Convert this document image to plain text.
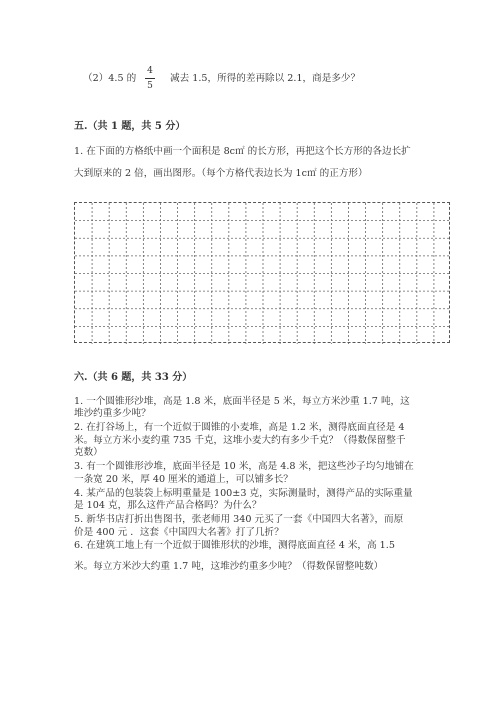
（2）4.5 的
4
5
减去 1.5，所得的差再除以 2.1，商是多少？
五.（共 1 题，共 5 分）
1. 在下面的方格纸中画一个面积是 8c㎡ 的长方形，再把这个长方形的各边长扩
大到原来的 2 倍，画出图形。（每个方格代表边长为 1c㎡ 的正方形）
六.（共 6 题，共 33 分）
1. 一个圆锥形沙堆，高是 1.8 米，底面半径是 5 米，每立方米沙重 1.7 吨，这
堆沙约重多少吨？
2. 在打谷场上，有一个近似于圆锥的小麦堆，高是 1.2 米，测得底面直径是 4
米。每立方米小麦约重 735 千克，这堆小麦大约有多少千克？（得数保留整千
克数）
3. 有一个圆锥形沙堆，底面半径是 10 米，高是 4.8 米，把这些沙子均匀地铺在
一条宽 20 米，厚 40 厘米的通道上，可以铺多长？
4. 某产品的包装袋上标明重量是 100±3 克，实际测量时，测得产品的实际重量
是 104 克，那么这件产品合格吗？为什么？
5. 新华书店打折出售图书，张老师用 340 元买了一套《中国四大名著》，而原
价是 400 元 ．这套《中国四大名著》打了几折？
6. 在建筑工地上有一个近似于圆锥形状的沙堆，测得底面直径 4 米，高 1.5
米。每立方米沙大约重 1.7 吨，这堆沙约重多少吨？（得数保留整吨数）
